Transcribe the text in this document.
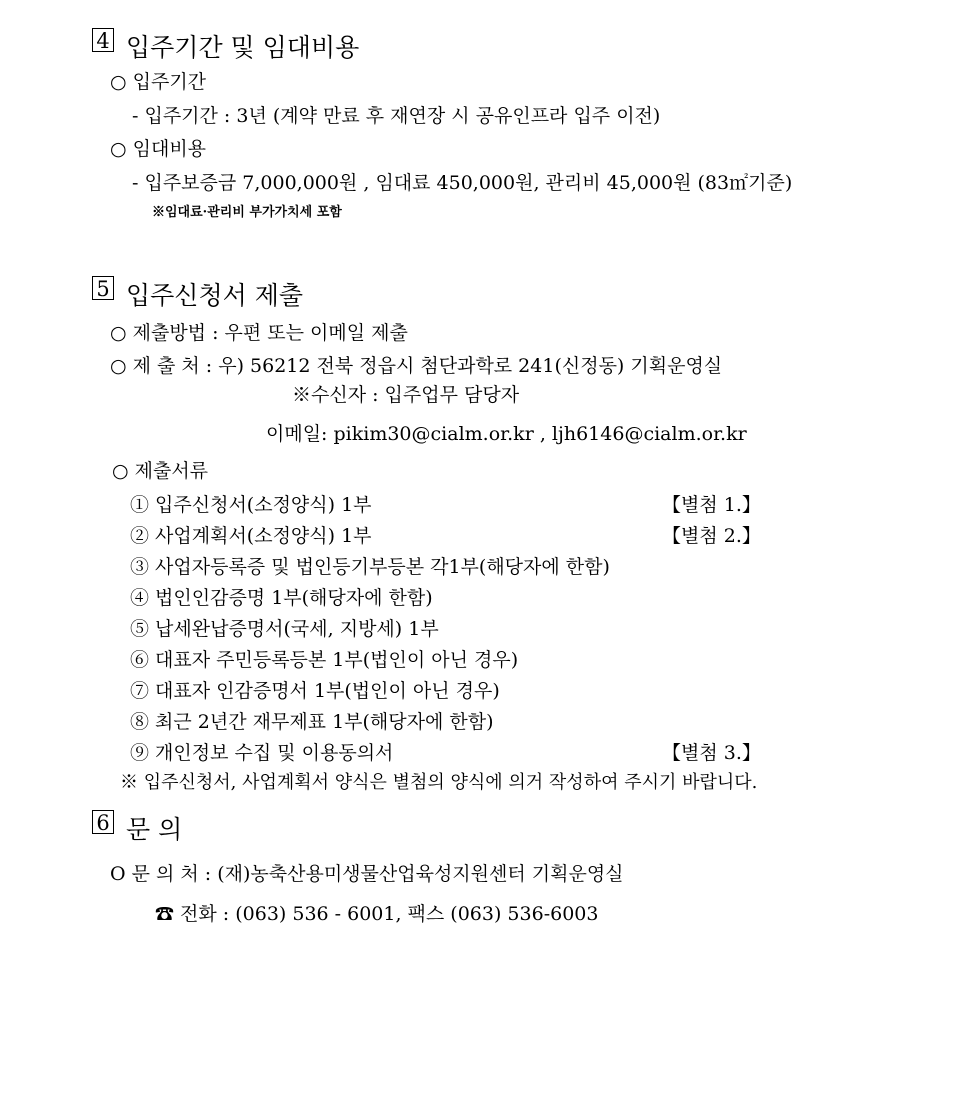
4 입주기간 및 임대비용
○ 입주기간
- 입주기간 : 3년 (계약 만료 후 재연장 시 공유인프라 입주 이전)
○ 임대비용
- 입주보증금 7,000,000원 , 임대료 450,000원, 관리비 45,000원 (83㎡기준)
※임대료·관리비 부가가치세 포함
5 입주신청서 제출
○ 제출방법 : 우편 또는 이메일 제출
○ 제 출 처 : 우) 56212 전북 정읍시 첨단과학로 241(신정동) 기획운영실
※수신자 : 입주업무 담당자
이메일: pikim30@cialm.or.kr , ljh6146@cialm.or.kr
○ 제출서류
① 입주신청서(소정양식) 1부	【별첨 1.】
② 사업계획서(소정양식) 1부	【별첨 2.】
③ 사업자등록증 및 법인등기부등본 각1부(해당자에 한함)
④ 법인인감증명 1부(해당자에 한함)
⑤ 납세완납증명서(국세, 지방세) 1부
⑥ 대표자 주민등록등본 1부(법인이 아닌 경우)
⑦ 대표자 인감증명서 1부(법인이 아닌 경우)
⑧ 최근 2년간 재무제표 1부(해당자에 한함)
⑨ 개인정보 수집 및 이용동의서	【별첨 3.】
※ 입주신청서, 사업계획서 양식은 별첨의 양식에 의거 작성하여 주시기 바랍니다.
6 문 의
O 문 의 처 : (재)농축산용미생물산업육성지원센터 기획운영실
☎ 전화 : (063) 536 - 6001, 팩스 (063) 536-6003
